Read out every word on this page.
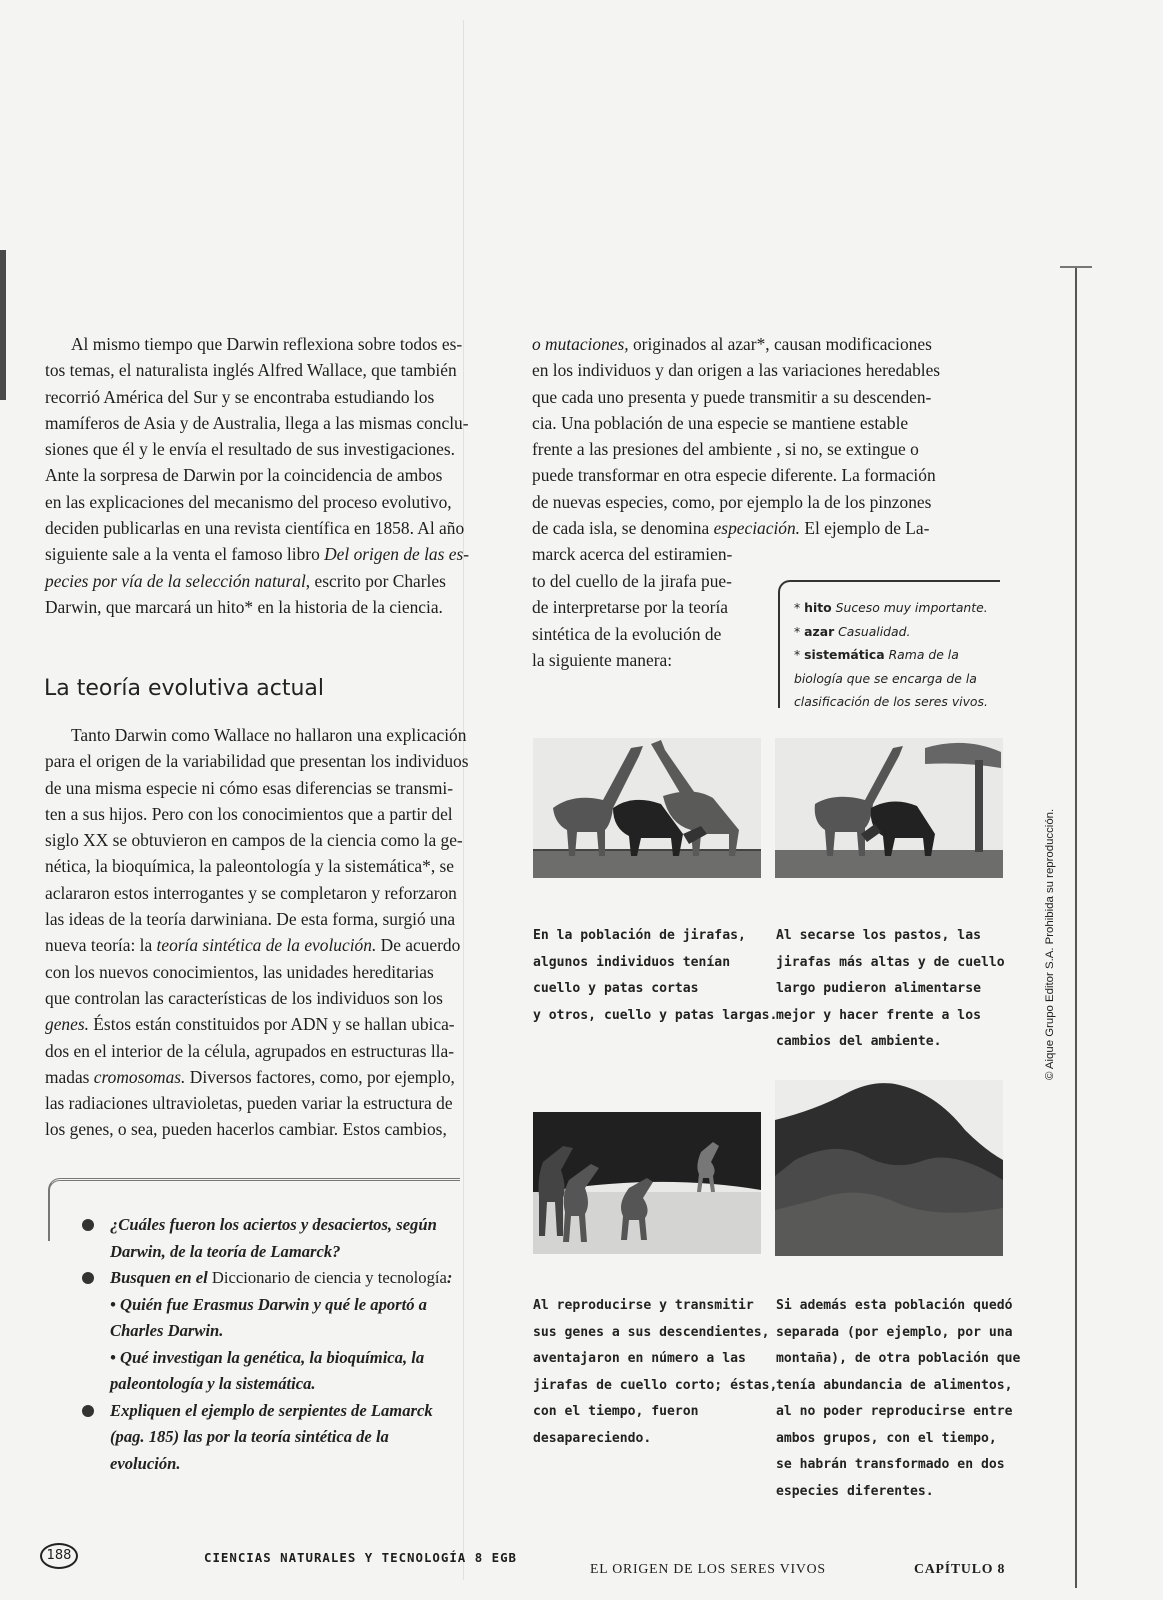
Al mismo tiempo que Darwin reflexiona sobre todos es-

tos temas, el naturalista inglés Alfred Wallace, que también

recorrió América del Sur y se encontraba estudiando los

mamíferos de Asia y de Australia, llega a las mismas conclu-

siones que él y le envía el resultado de sus investigaciones.

Ante la sorpresa de Darwin por la coincidencia de ambos

en las explicaciones del mecanismo del proceso evolutivo,

deciden publicarlas en una revista científica en 1858. Al año

siguiente sale a la venta el famoso libro Del origen de las es-

pecies por vía de la selección natural, escrito por Charles

Darwin, que marcará un hito* en la historia de la ciencia.

La teoría evolutiva actual

Tanto Darwin como Wallace no hallaron una explicación

para el origen de la variabilidad que presentan los individuos

de una misma especie ni cómo esas diferencias se transmi-

ten a sus hijos. Pero con los conocimientos que a partir del

siglo XX se obtuvieron en campos de la ciencia como la ge-

nética, la bioquímica, la paleontología y la sistemática*, se

aclararon estos interrogantes y se completaron y reforzaron

las ideas de la teoría darwiniana. De esta forma, surgió una

nueva teoría: la teoría sintética de la evolución. De acuerdo

con los nuevos conocimientos, las unidades hereditarias

que controlan las características de los individuos son los

genes. Éstos están constituidos por ADN y se hallan ubica-

dos en el interior de la célula, agrupados en estructuras lla-

madas cromosomas. Diversos factores, como, por ejemplo,

las radiaciones ultravioletas, pueden variar la estructura de

los genes, o sea, pueden hacerlos cambiar. Estos cambios,

o mutaciones, originados al azar*, causan modificaciones

en los individuos y dan origen a las variaciones heredables

que cada uno presenta y puede transmitir a su descenden-

cia. Una población de una especie se mantiene estable

frente a las presiones del ambiente , si no, se extingue o

puede transformar en otra especie diferente. La formación

de nuevas especies, como, por ejemplo la de los pinzones

de cada isla, se denomina especiación. El ejemplo de La-

marck acerca del estiramien-

to del cuello de la jirafa pue-
de interpretarse por la teoría
sintética de la evolución de
la siguiente manera:
* hito Suceso muy importante.
* azar Casualidad.
* sistemática Rama de la
biología que se encarga de la
clasificación de los seres vivos.
En la población de jirafas,
algunos individuos tenían
cuello y patas cortas
y otros, cuello y patas largas.
Al secarse los pastos, las
jirafas más altas y de cuello
largo pudieron alimentarse
mejor y hacer frente a los
cambios del ambiente.
Al reproducirse y transmitir
sus genes a sus descendientes,
aventajaron en número a las
jirafas de cuello corto; éstas,
con el tiempo, fueron
desapareciendo.
Si además esta población quedó
separada (por ejemplo, por una
montaña), de otra población que
tenía abundancia de alimentos,
al no poder reproducirse entre
ambos grupos, con el tiempo,
se habrán transformado en dos
especies diferentes.
¿Cuáles fueron los aciertos y desaciertos, según
Darwin, de la teoría de Lamarck?
Busquen en el Diccionario de ciencia y tecnología:
• Quién fue Erasmus Darwin y qué le aportó a
Charles Darwin.
• Qué investigan la genética, la bioquímica, la
paleontología y la sistemática.
Expliquen el ejemplo de serpientes de Lamarck
(pag. 185) las por la teoría sintética de la
evolución.
188	CIENCIAS NATURALES Y TECNOLOGÍA 8 EGB
EL ORIGEN DE LOS SERES VIVOS	CAPÍTULO 8
© Aique Grupo Editor S.A. Prohibida su reproducción.
